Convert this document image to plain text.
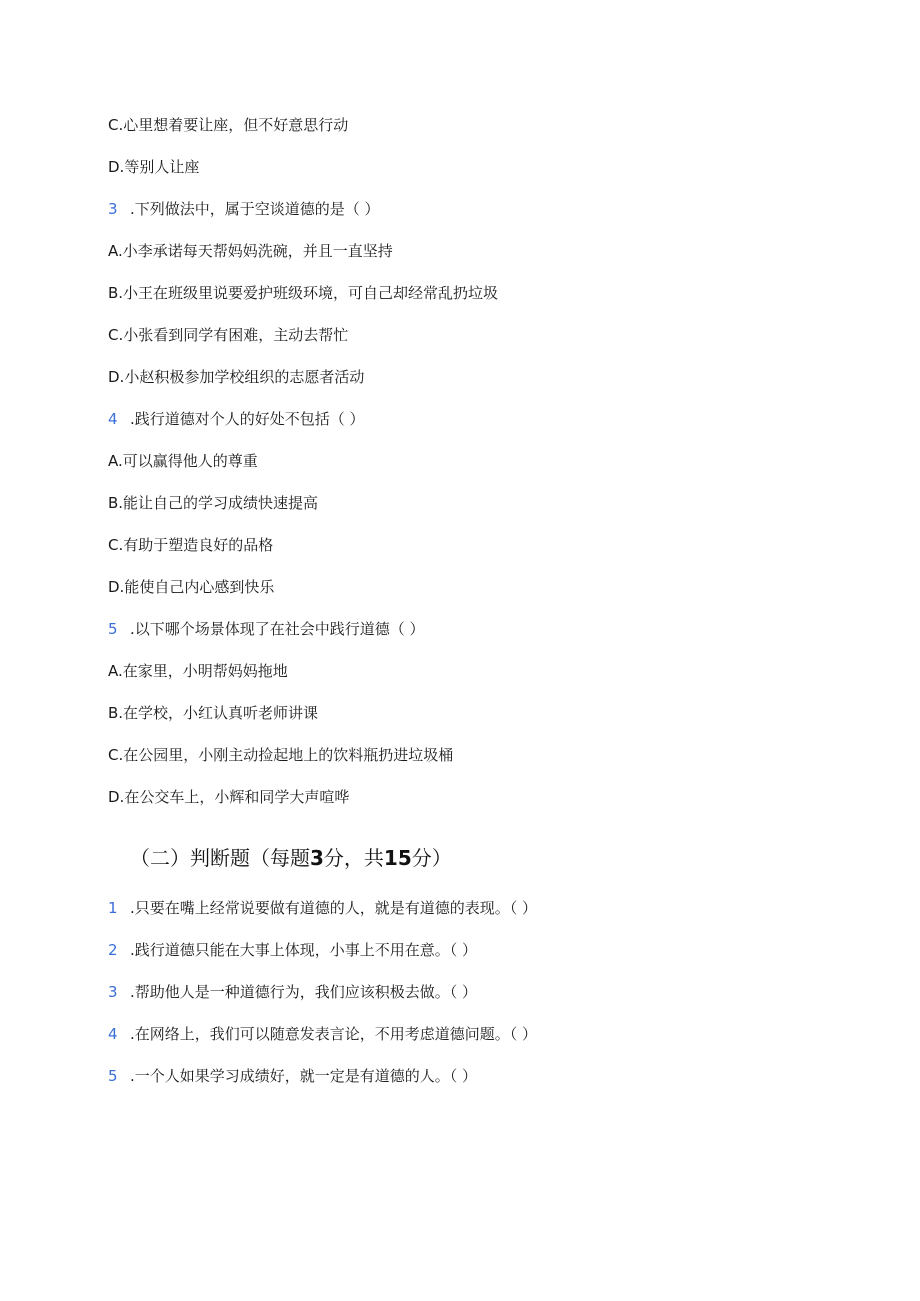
C.心里想着要让座，但不好意思行动
D.等别人让座
3 .下列做法中，属于空谈道德的是（ ）
A.小李承诺每天帮妈妈洗碗，并且一直坚持
B.小王在班级里说要爱护班级环境，可自己却经常乱扔垃圾
C.小张看到同学有困难，主动去帮忙
D.小赵积极参加学校组织的志愿者活动
4 .践行道德对个人的好处不包括（ ）
A.可以赢得他人的尊重
B.能让自己的学习成绩快速提高
C.有助于塑造良好的品格
D.能使自己内心感到快乐
5 .以下哪个场景体现了在社会中践行道德（ ）
A.在家里，小明帮妈妈拖地
B.在学校，小红认真听老师讲课
C.在公园里，小刚主动捡起地上的饮料瓶扔进垃圾桶
D.在公交车上，小辉和同学大声喧哗
（二）判断题（每题3分，共15分）
1 .只要在嘴上经常说要做有道德的人，就是有道德的表现。（ ）
2 .践行道德只能在大事上体现，小事上不用在意。（ ）
3 .帮助他人是一种道德行为，我们应该积极去做。（ ）
4 .在网络上，我们可以随意发表言论，不用考虑道德问题。（ ）
5 .一个人如果学习成绩好，就一定是有道德的人。（ ）
